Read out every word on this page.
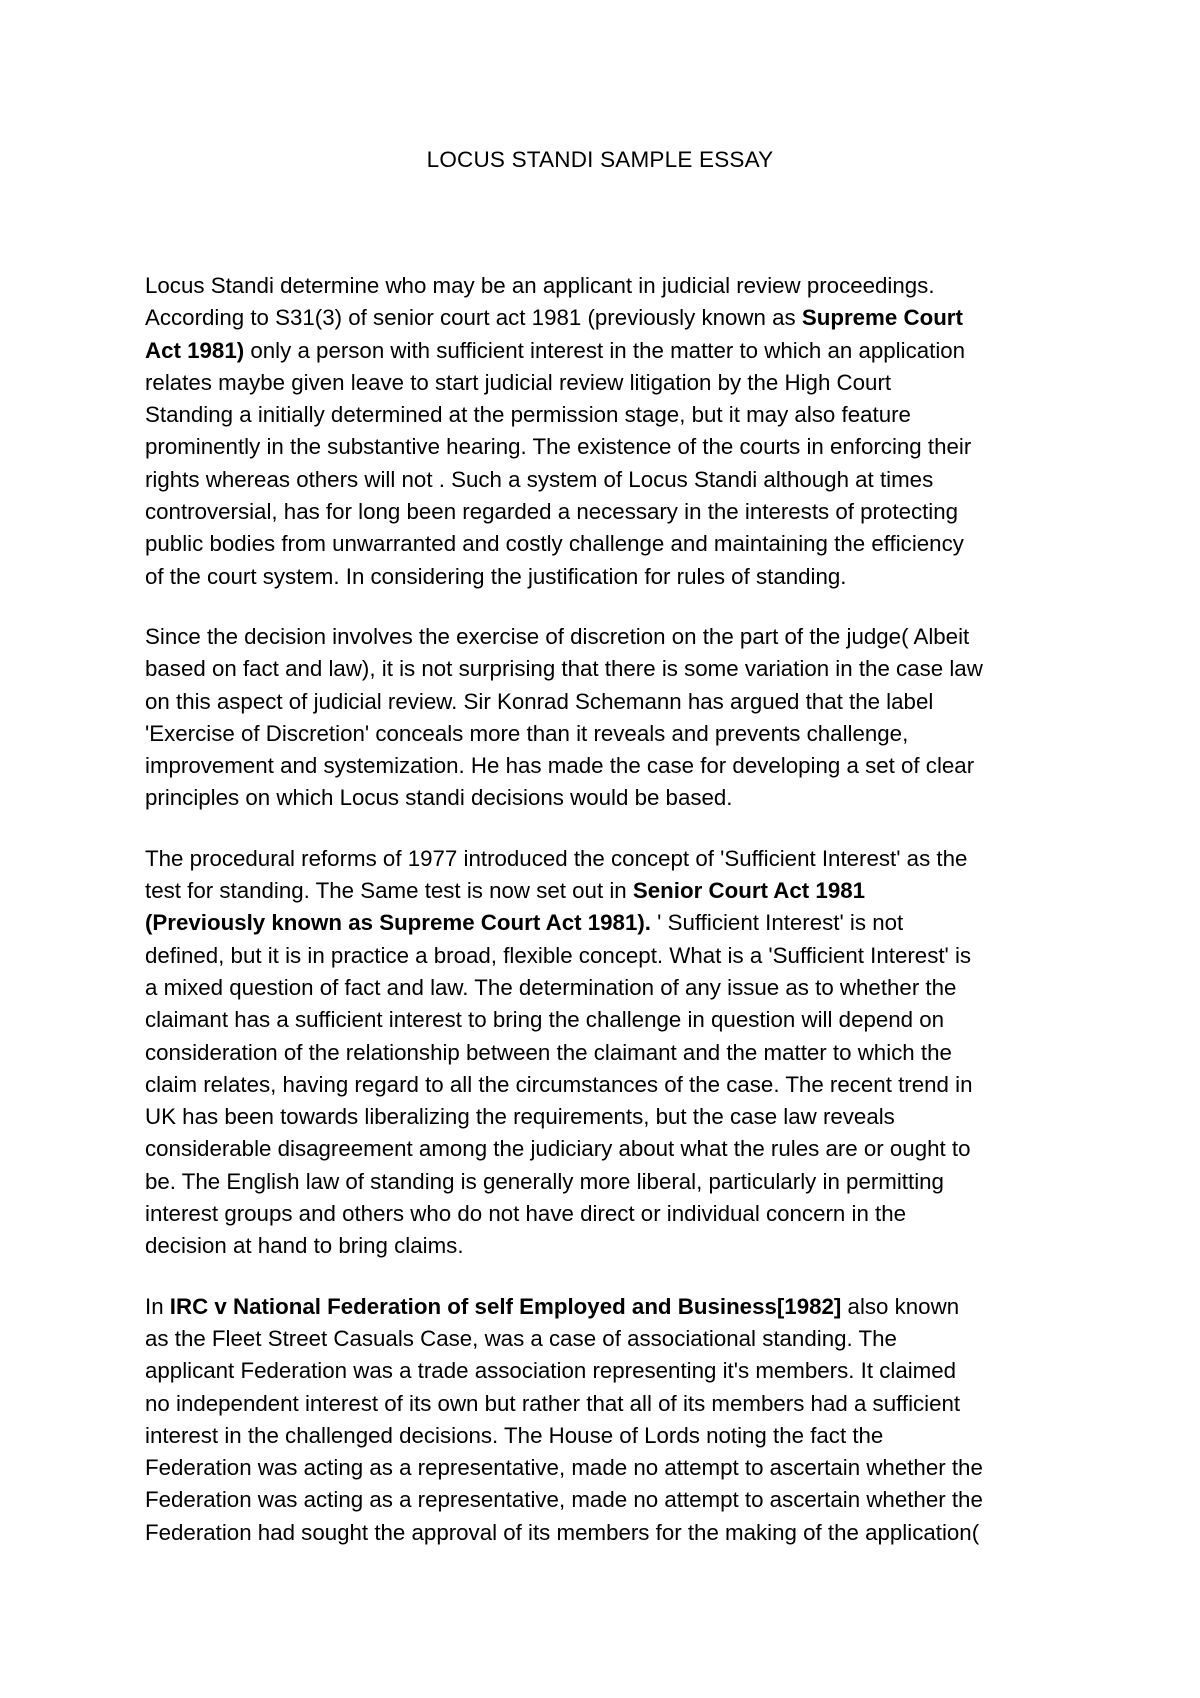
LOCUS STANDI SAMPLE ESSAY
Locus Standi determine who may be an applicant in judicial review proceedings.
According to S31(3) of senior court act 1981 (previously known as Supreme Court
Act 1981) only a person with sufficient interest in the matter to which an application
relates maybe given leave to start judicial review litigation by the High Court
Standing a initially determined at the permission stage, but it may also feature
prominently in the substantive hearing. The existence of the courts in enforcing their
rights whereas others will not . Such a system of Locus Standi although at times
controversial, has for long been regarded a necessary in the interests of protecting
public bodies from unwarranted and costly challenge and maintaining the efficiency
of the court system. In considering the justification for rules of standing.
Since the decision involves the exercise of discretion on the part of the judge( Albeit
based on fact and law), it is not surprising that there is some variation in the case law
on this aspect of judicial review. Sir Konrad Schemann has argued that the label
'Exercise of Discretion' conceals more than it reveals and prevents challenge,
improvement and systemization. He has made the case for developing a set of clear
principles on which Locus standi decisions would be based.
The procedural reforms of 1977 introduced the concept of 'Sufficient Interest' as the
test for standing. The Same test is now set out in Senior Court Act 1981
(Previously known as Supreme Court Act 1981). ' Sufficient Interest' is not
defined, but it is in practice a broad, flexible concept. What is a 'Sufficient Interest' is
a mixed question of fact and law. The determination of any issue as to whether the
claimant has a sufficient interest to bring the challenge in question will depend on
consideration of the relationship between the claimant and the matter to which the
claim relates, having regard to all the circumstances of the case. The recent trend in
UK has been towards liberalizing the requirements, but the case law reveals
considerable disagreement among the judiciary about what the rules are or ought to
be. The English law of standing is generally more liberal, particularly in permitting
interest groups and others who do not have direct or individual concern in the
decision at hand to bring claims.
In IRC v National Federation of self Employed and Business[1982] also known
as the Fleet Street Casuals Case, was a case of associational standing. The
applicant Federation was a trade association representing it's members. It claimed
no independent interest of its own but rather that all of its members had a sufficient
interest in the challenged decisions. The House of Lords noting the fact the
Federation was acting as a representative, made no attempt to ascertain whether the
Federation was acting as a representative, made no attempt to ascertain whether the
Federation had sought the approval of its members for the making of the application(
